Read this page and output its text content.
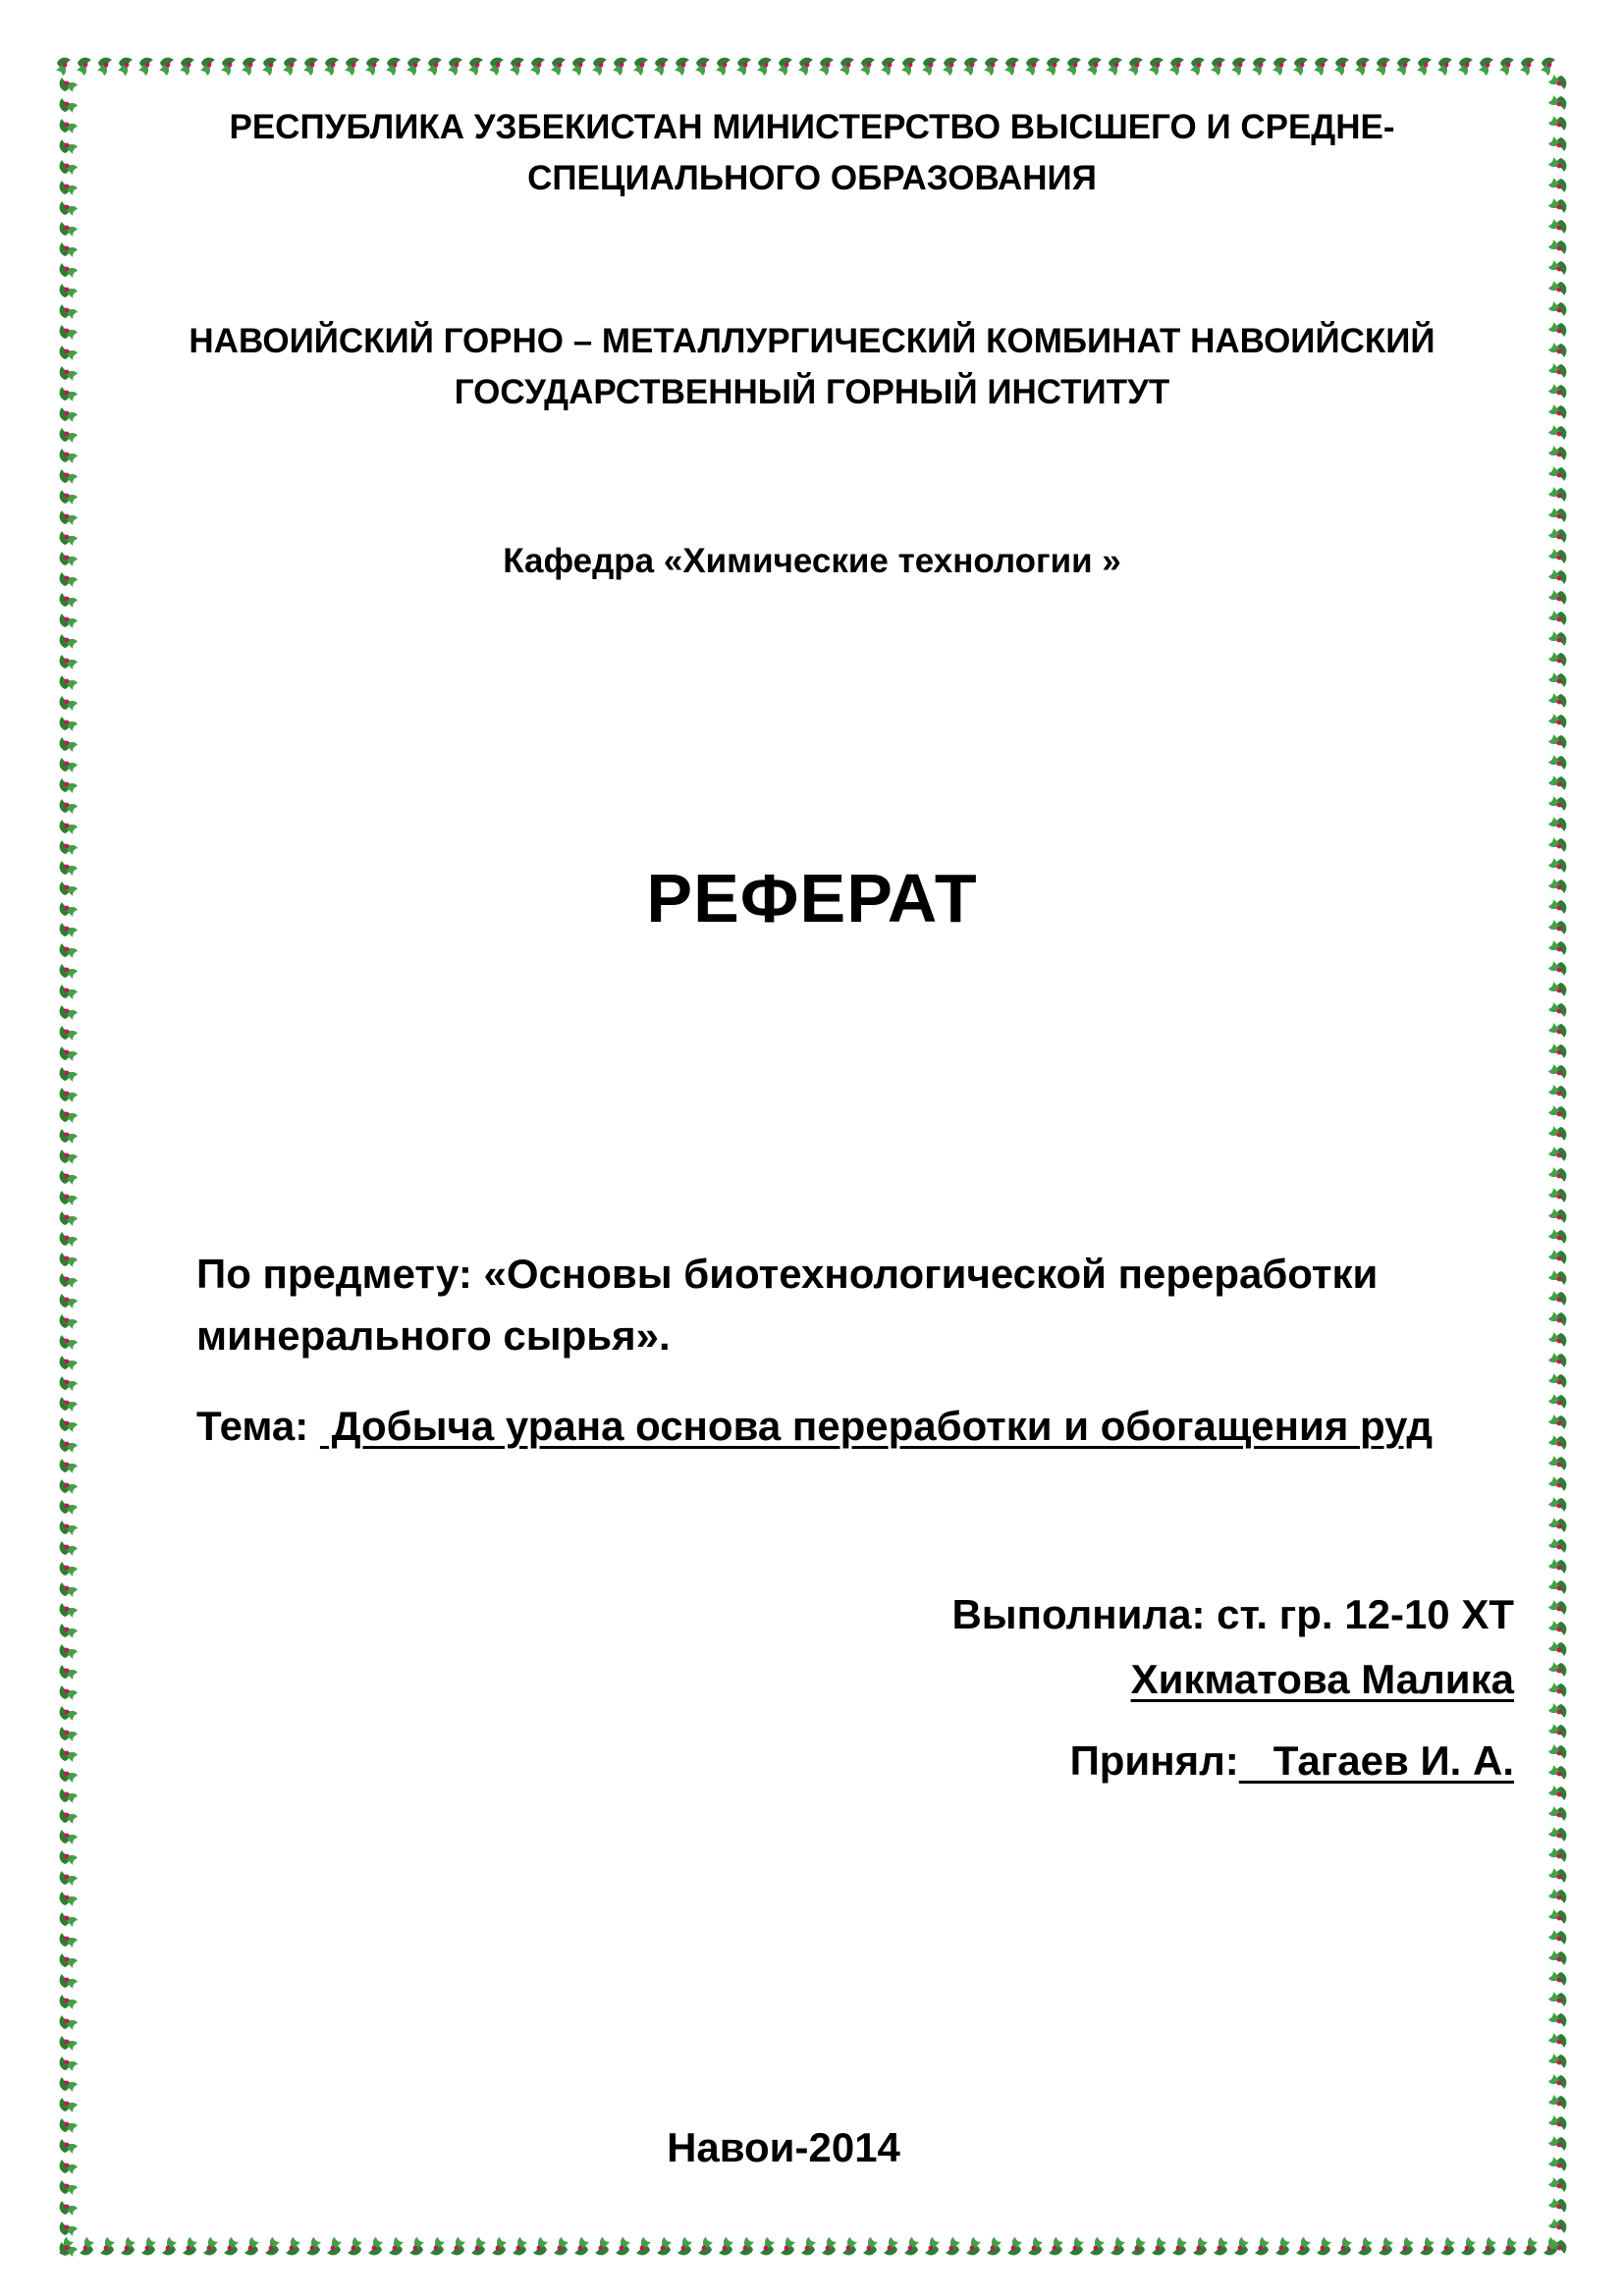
РЕСПУБЛИКА УЗБЕКИСТАН МИНИСТЕРСТВО ВЫСШЕГО И СРЕДНЕ-
СПЕЦИАЛЬНОГО ОБРАЗОВАНИЯ
НАВОИЙСКИЙ ГОРНО – МЕТАЛЛУРГИЧЕСКИЙ КОМБИНАТ НАВОИЙСКИЙ
ГОСУДАРСТВЕННЫЙ ГОРНЫЙ ИНСТИТУТ
Кафедра «Химические технологии »
РЕФЕРАТ
По предмету: «Основы биотехнологической переработки
минерального сырья».
Тема:  Добыча урана основа переработки и обогащения руд
Выполнила: ст. гр. 12-10 ХТ
Хикматова Малика
Принял:   Тагаев И. А.
Навои-2014
